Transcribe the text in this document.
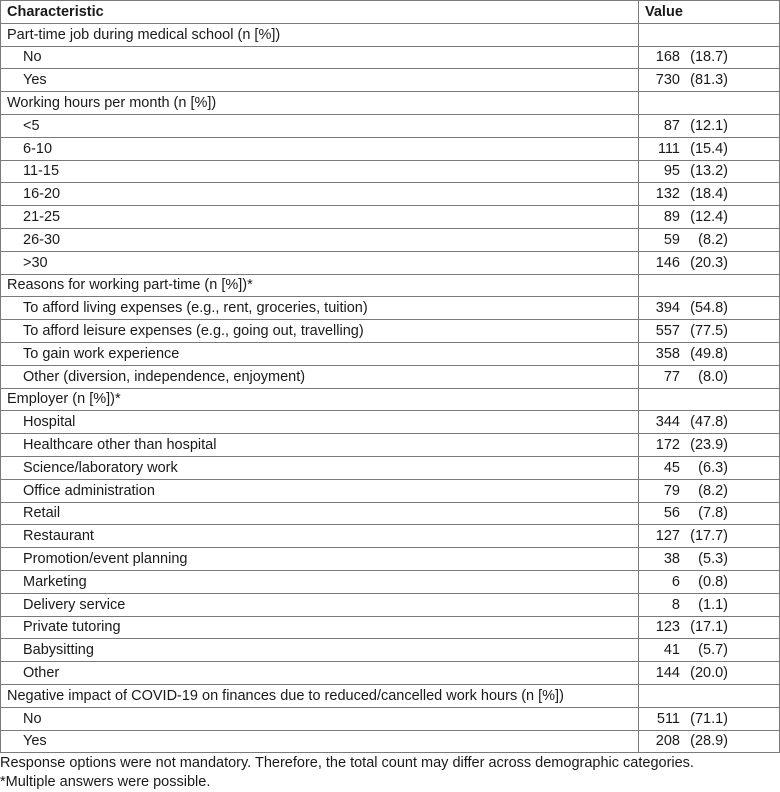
Characteristic	Value
Part-time job during medical school (n [%])	
No	168 (18.7)

Yes	730 (81.3)

Working hours per month (n [%])	
<5	87 (12.1)

6-10	111 (15.4)

11-15	95 (13.2)

16-20	132 (18.4)

21-25	89 (12.4)

26-30	59 (8.2)

>30	146 (20.3)

Reasons for working part-time (n [%])*	
To afford living expenses (e.g., rent, groceries, tuition)	394 (54.8)

To afford leisure expenses (e.g., going out, travelling)	557 (77.5)

To gain work experience	358 (49.8)

Other (diversion, independence, enjoyment)	77 (8.0)

Employer (n [%])*	
Hospital	344 (47.8)

Healthcare other than hospital	172 (23.9)

Science/laboratory work	45 (6.3)

Office administration	79 (8.2)

Retail	56 (7.8)

Restaurant	127 (17.7)

Promotion/event planning	38 (5.3)

Marketing	6 (0.8)

Delivery service	8 (1.1)

Private tutoring	123 (17.1)

Babysitting	41 (5.7)

Other	144 (20.0)

Negative impact of COVID-19 on finances due to reduced/cancelled work hours (n [%])	
No	511 (71.1)

Yes	208 (28.9)
Response options were not mandatory. Therefore, the total count may differ across demographic categories.
*Multiple answers were possible.
